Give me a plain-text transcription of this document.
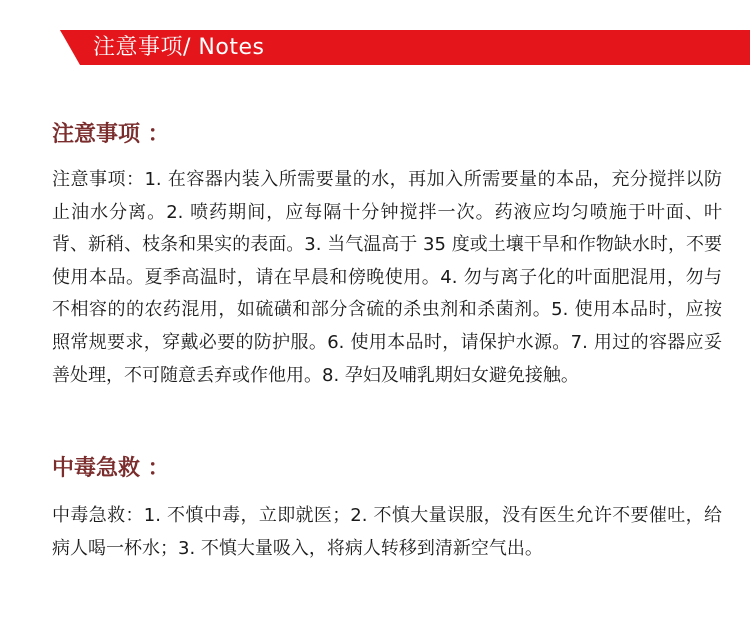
注意事项/ Notes
注意事项 ：

注意事项：1. 在容器内装入所需要量的水，再加入所需要量的本品，充分搅拌以防止油水分离。2. 喷药期间，应每隔十分钟搅拌一次。药液应均匀喷施于叶面、叶背、新稍、枝条和果实的表面。3. 当气温高于 35 度或土壤干旱和作物缺水时，不要使用本品。夏季高温时，请在早晨和傍晚使用。4. 勿与离子化的叶面肥混用，勿与不相容的的农药混用，如硫磺和部分含硫的杀虫剂和杀菌剂。5. 使用本品时，应按照常规要求，穿戴必要的防护服。6. 使用本品时，请保护水源。7. 用过的容器应妥善处理，不可随意丢弃或作他用。8. 孕妇及哺乳期妇女避免接触。

中毒急救 ：

中毒急救：1. 不慎中毒，立即就医；2. 不慎大量误服，没有医生允许不要催吐，给病人喝一杯水；3. 不慎大量吸入，将病人转移到清新空气出。
